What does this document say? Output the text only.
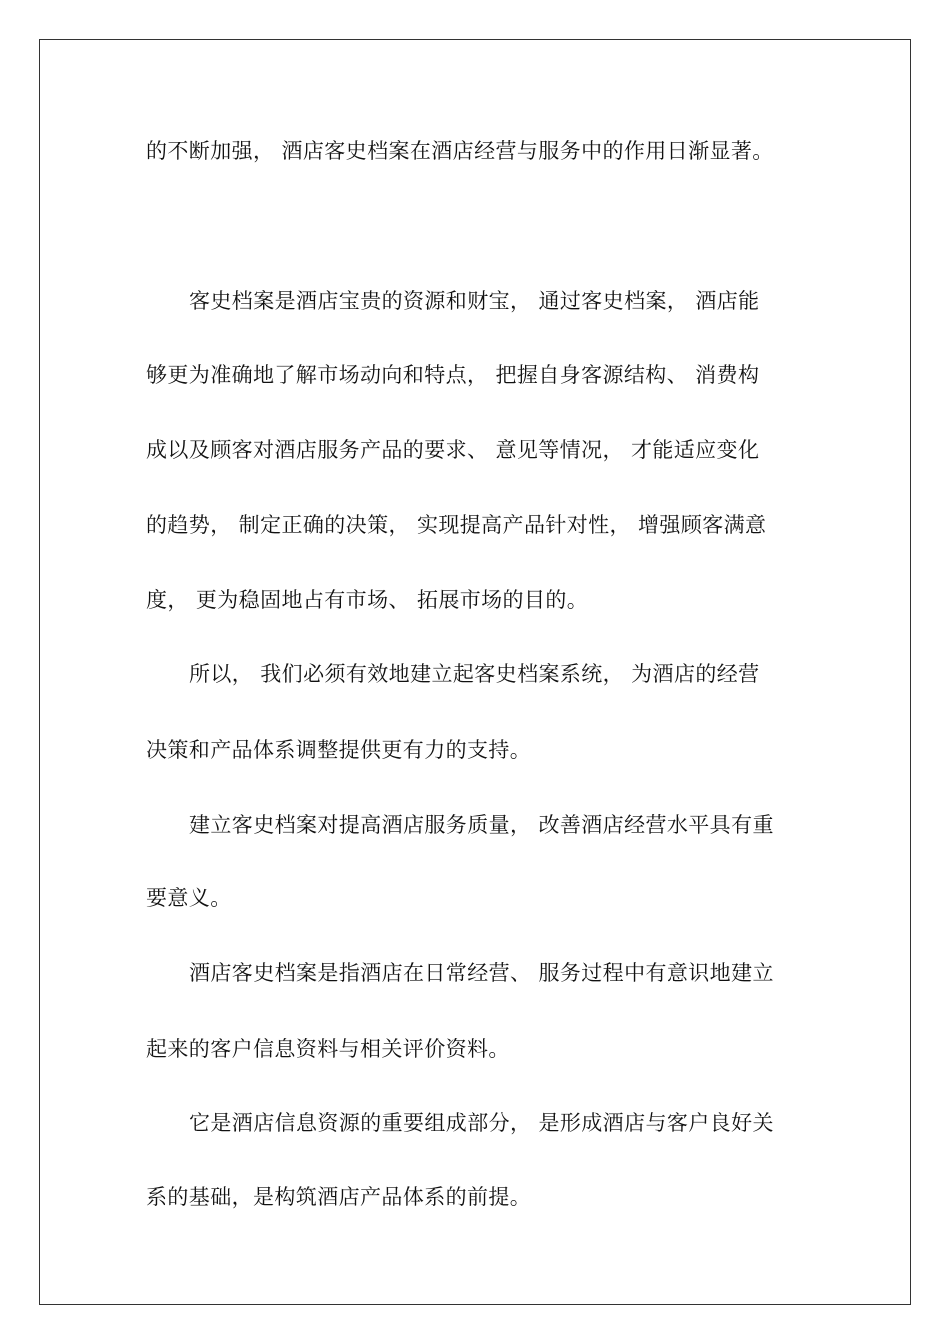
的不断加强， 酒店客史档案在酒店经营与服务中的作用日渐显著。
客史档案是酒店宝贵的资源和财宝， 通过客史档案， 酒店能
够更为准确地了解市场动向和特点， 把握自身客源结构、 消费构
成以及顾客对酒店服务产品的要求、 意见等情况， 才能适应变化
的趋势， 制定正确的决策， 实现提高产品针对性， 增强顾客满意
度， 更为稳固地占有市场、 拓展市场的目的。
所以， 我们必须有效地建立起客史档案系统， 为酒店的经营
决策和产品体系调整提供更有力的支持。
建立客史档案对提高酒店服务质量， 改善酒店经营水平具有重
要意义。
酒店客史档案是指酒店在日常经营、 服务过程中有意识地建立
起来的客户信息资料与相关评价资料。
它是酒店信息资源的重要组成部分， 是形成酒店与客户良好关
系的基础，是构筑酒店产品体系的前提。
